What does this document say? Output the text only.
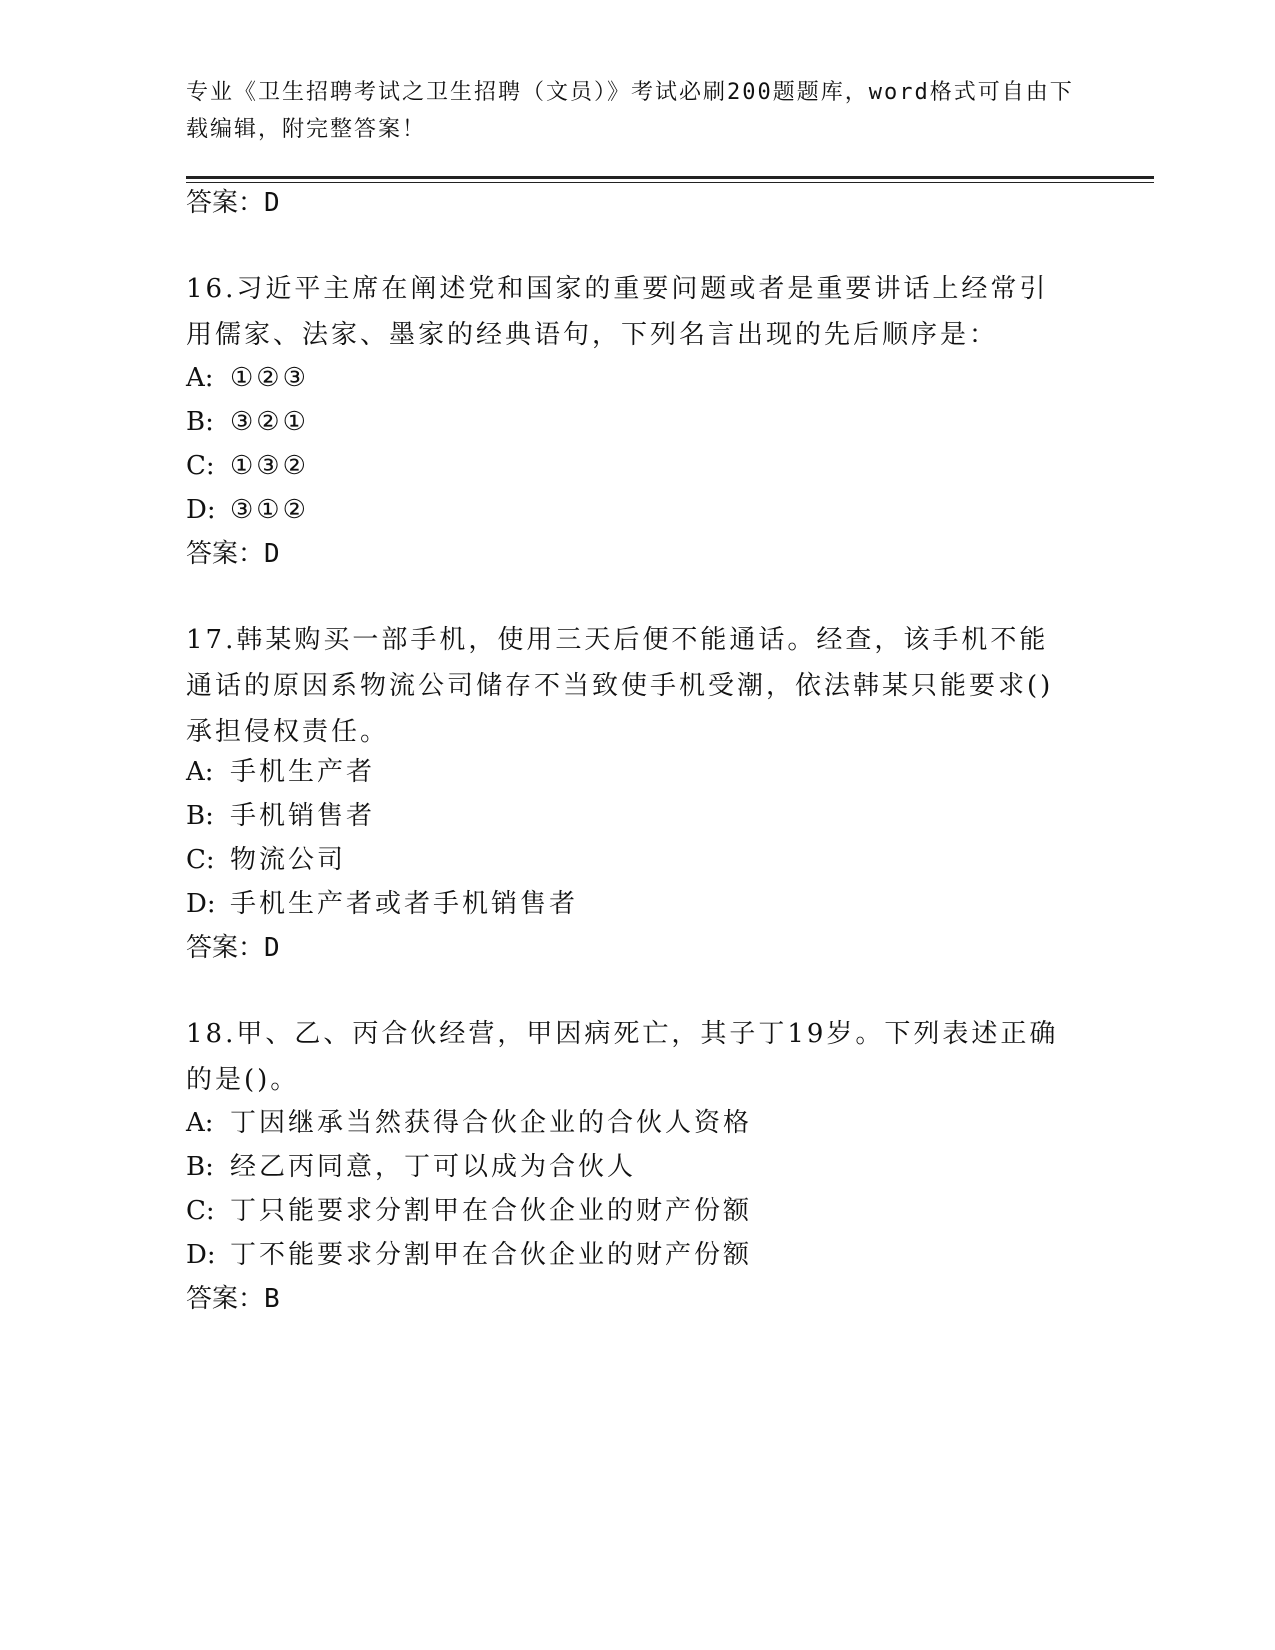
专业《卫生招聘考试之卫生招聘（文员）》考试必刷200题题库，word格式可自由下载编辑，附完整答案！
答案：D
16.习近平主席在阐述党和国家的重要问题或者是重要讲话上经常引用儒家、法家、墨家的经典语句，下列名言出现的先后顺序是：
A: ①②③
B: ③②①
C: ①③②
D: ③①②
答案：D
17.韩某购买一部手机，使用三天后便不能通话。经查，该手机不能通话的原因系物流公司储存不当致使手机受潮，依法韩某只能要求()承担侵权责任。
A: 手机生产者
B: 手机销售者
C: 物流公司
D: 手机生产者或者手机销售者
答案：D
18.甲、乙、丙合伙经营，甲因病死亡，其子丁19岁。下列表述正确的是()。
A: 丁因继承当然获得合伙企业的合伙人资格
B: 经乙丙同意，丁可以成为合伙人
C: 丁只能要求分割甲在合伙企业的财产份额
D: 丁不能要求分割甲在合伙企业的财产份额
答案：B
